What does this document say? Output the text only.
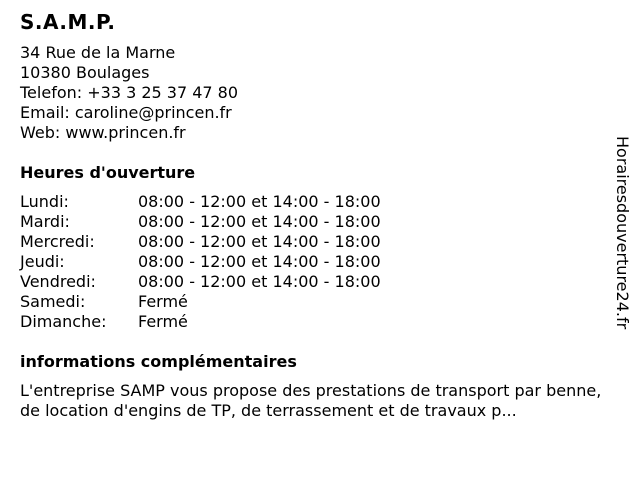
S.A.M.P.
34 Rue de la Marne
10380 Boulages
Telefon: +33 3 25 37 47 80
Email: caroline@princen.fr
Web: www.princen.fr
Heures d'ouverture
Lundi:	08:00 - 12:00 et 14:00 - 18:00
Mardi:	08:00 - 12:00 et 14:00 - 18:00
Mercredi:	08:00 - 12:00 et 14:00 - 18:00
Jeudi:	08:00 - 12:00 et 14:00 - 18:00
Vendredi:	08:00 - 12:00 et 14:00 - 18:00
Samedi:	Fermé
Dimanche:	Fermé
informations complémentaires
L'entreprise SAMP vous propose des prestations de transport par benne, de location d'engins de TP, de terrassement et de travaux p...
Horairesdouverture24.fr
